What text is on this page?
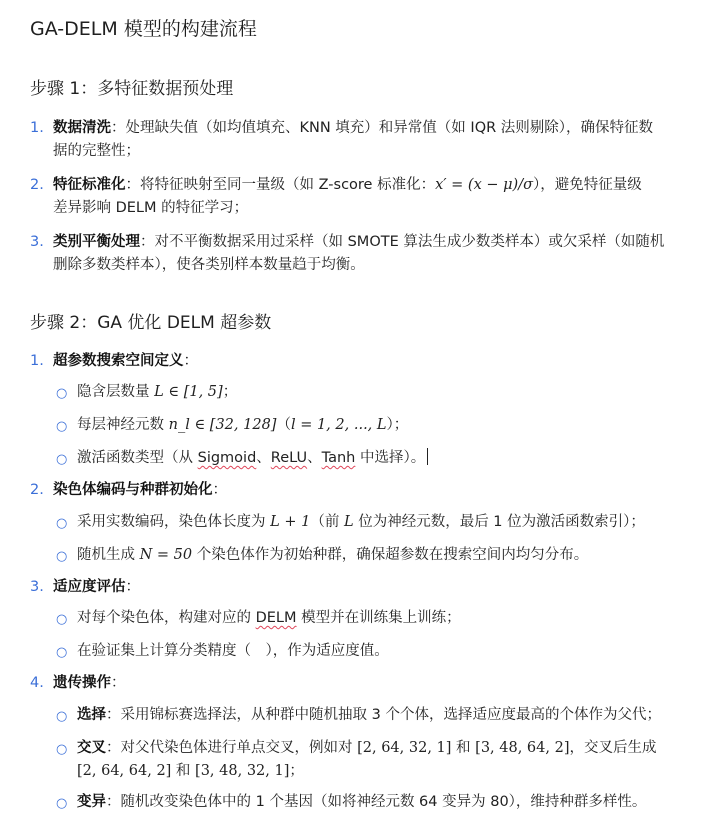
GA-DELM 模型的构建流程
步骤 1：多特征数据预处理
1. 数据清洗：处理缺失值（如均值填充、KNN 填充）和异常值（如 IQR 法则剔除），确保特征数
据的完整性；
2. 特征标准化：将特征映射至同一量级（如 Z-score 标准化：x′ = (x − μ)/σ），避免特征量级
差异影响 DELM 的特征学习；
3. 类别平衡处理：对不平衡数据采用过采样（如 SMOTE 算法生成少数类样本）或欠采样（如随机
删除多数类样本），使各类别样本数量趋于均衡。
步骤 2：GA 优化 DELM 超参数
1. 超参数搜索空间定义：
○ 隐含层数量 L ∈ [1, 5]；
○ 每层神经元数 n_l ∈ [32, 128]（l = 1, 2, ..., L）；
○ 激活函数类型（从 Sigmoid、ReLU、Tanh 中选择）。
2. 染色体编码与种群初始化：
○ 采用实数编码，染色体长度为 L + 1（前 L 位为神经元数，最后 1 位为激活函数索引）；
○ 随机生成 N = 50 个染色体作为初始种群，确保超参数在搜索空间内均匀分布。
3. 适应度评估：
○ 对每个染色体，构建对应的 DELM 模型并在训练集上训练；
○ 在验证集上计算分类精度（　），作为适应度值。
4. 遗传操作：
○ 选择：采用锦标赛选择法，从种群中随机抽取 3 个个体，选择适应度最高的个体作为父代；
○ 交叉：对父代染色体进行单点交叉，例如对 [2, 64, 32, 1] 和 [3, 48, 64, 2]，交叉后生成
[2, 64, 64, 2] 和 [3, 48, 32, 1]；
○ 变异：随机改变染色体中的 1 个基因（如将神经元数 64 变异为 80），维持种群多样性。
